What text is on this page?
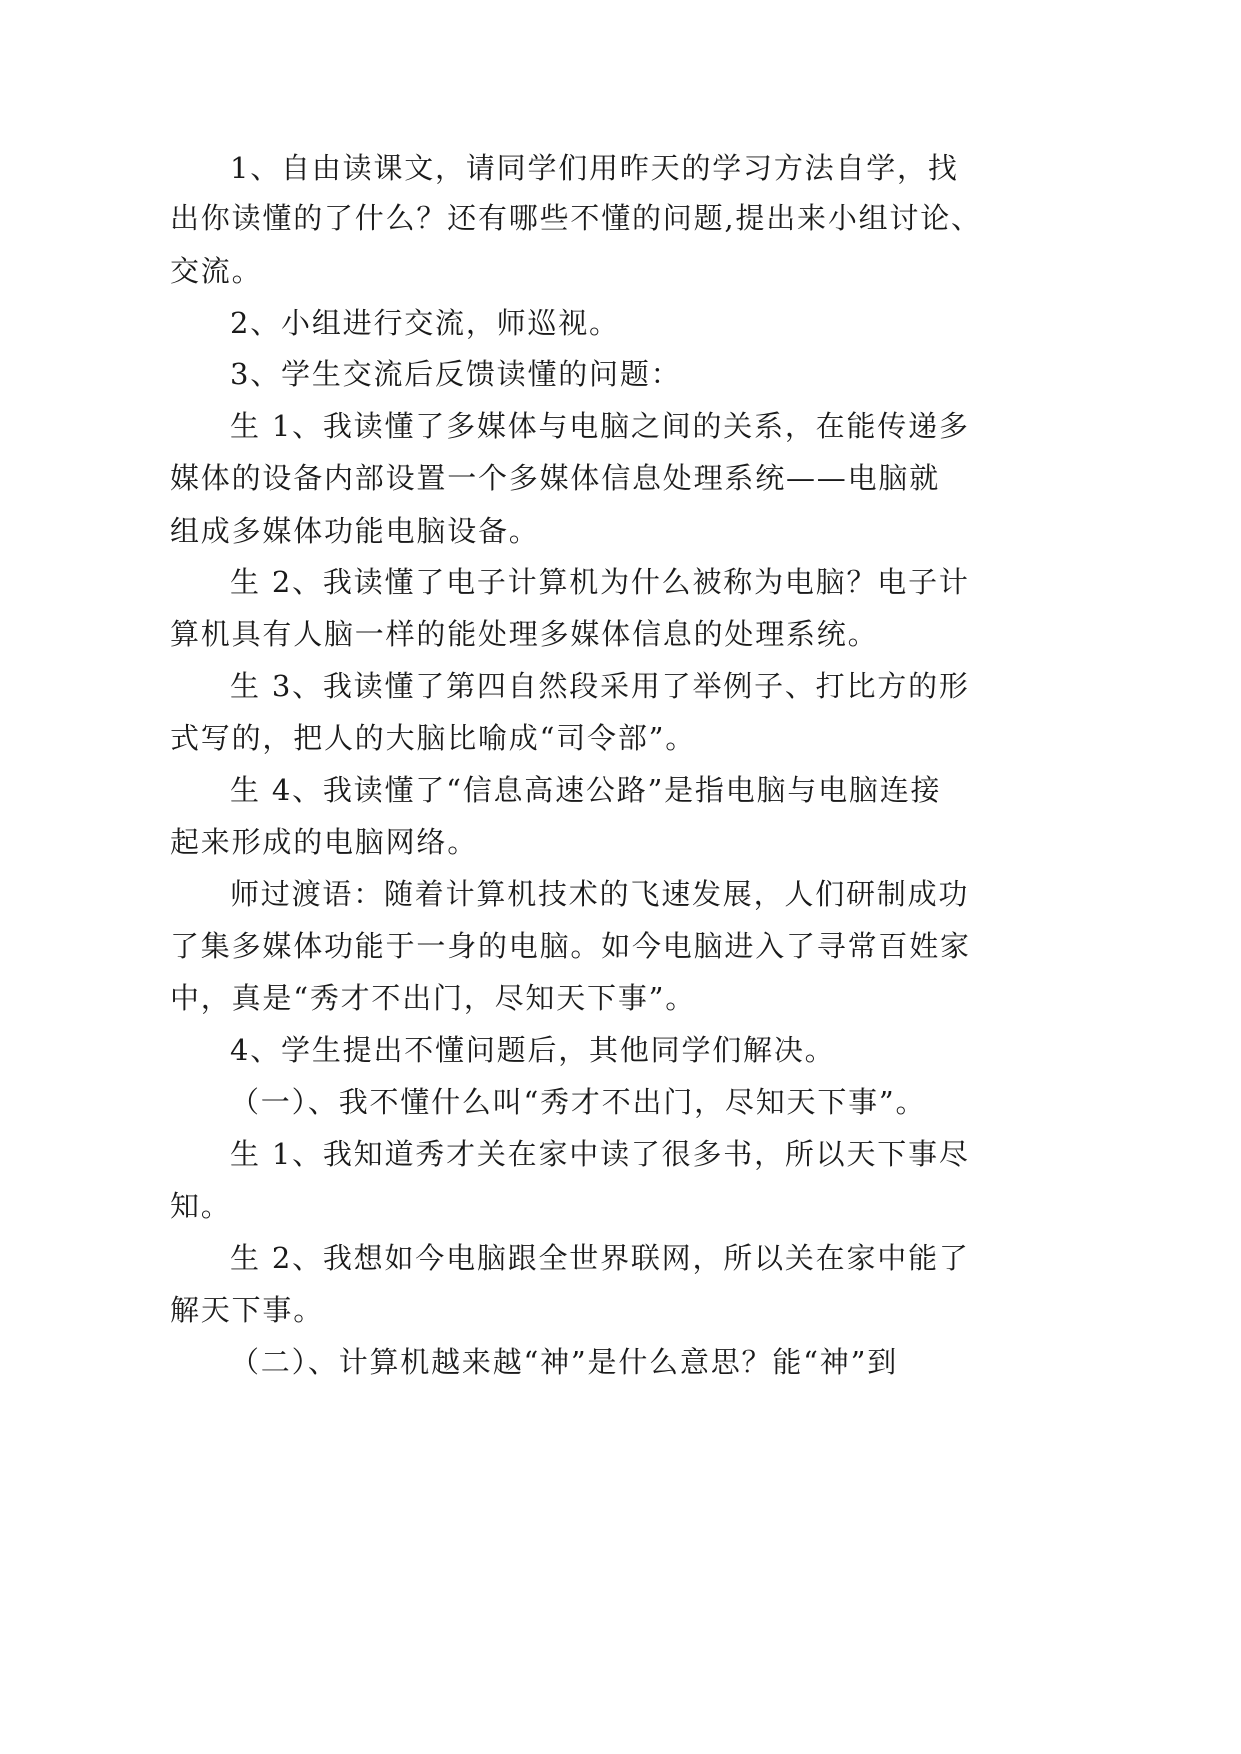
1、自由读课文，请同学们用昨天的学习方法自学，找
出你读懂的了什么？还有哪些不懂的问题,提出来小组讨论、
交流。
2、小组进行交流，师巡视。
3、学生交流后反馈读懂的问题：
生 1、我读懂了多媒体与电脑之间的关系，在能传递多
媒体的设备内部设置一个多媒体信息处理系统——电脑就
组成多媒体功能电脑设备。
生 2、我读懂了电子计算机为什么被称为电脑？电子计
算机具有人脑一样的能处理多媒体信息的处理系统。
生 3、我读懂了第四自然段采用了举例子、打比方的形
式写的，把人的大脑比喻成“司令部”。
生 4、我读懂了“信息高速公路”是指电脑与电脑连接
起来形成的电脑网络。
师过渡语：随着计算机技术的飞速发展，人们研制成功
了集多媒体功能于一身的电脑。如今电脑进入了寻常百姓家
中，真是“秀才不出门，尽知天下事”。
4、学生提出不懂问题后，其他同学们解决。
（一）、我不懂什么叫“秀才不出门，尽知天下事”。
生 1、我知道秀才关在家中读了很多书，所以天下事尽
知。
生 2、我想如今电脑跟全世界联网，所以关在家中能了
解天下事。
（二）、计算机越来越“神”是什么意思？能“神”到
